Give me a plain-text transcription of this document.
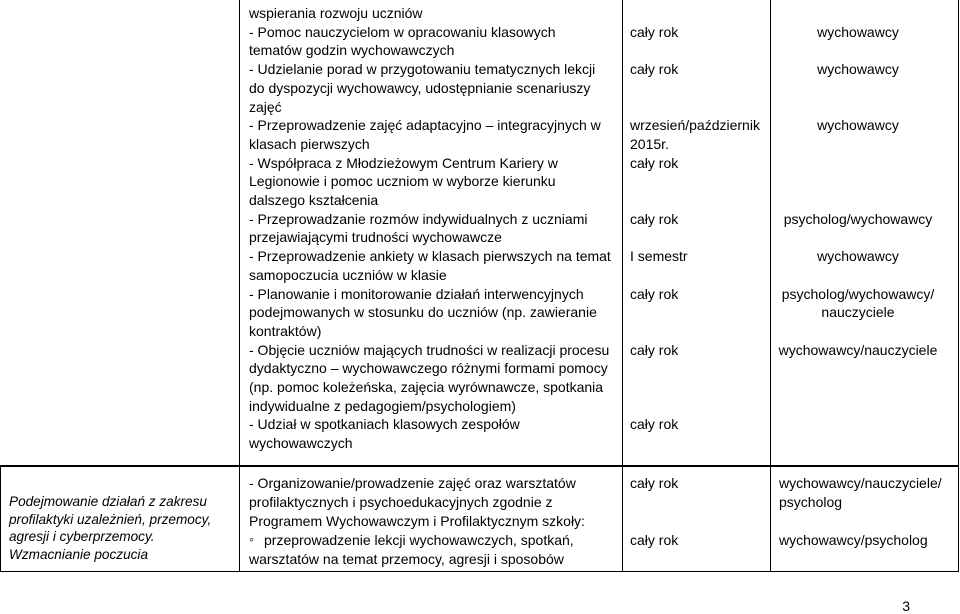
wspierania rozwoju uczniów
- Pomoc nauczycielom w opracowaniu klasowych
tematów godzin wychowawczych
- Udzielanie porad w przygotowaniu tematycznych lekcji
do dyspozycji wychowawcy, udostępnianie scenariuszy
zajęć
- Przeprowadzenie zajęć adaptacyjno – integracyjnych w
klasach pierwszych
- Współpraca z Młodzieżowym Centrum Kariery w
Legionowie i pomoc uczniom w wyborze kierunku
dalszego kształcenia
- Przeprowadzanie rozmów indywidualnych z uczniami
przejawiającymi trudności wychowawcze
- Przeprowadzenie ankiety w klasach pierwszych na temat
samopoczucia uczniów w klasie
- Planowanie i monitorowanie działań interwencyjnych
podejmowanych w stosunku do uczniów (np. zawieranie
kontraktów)
- Objęcie uczniów mających trudności w realizacji procesu
dydaktyczno – wychowawczego różnymi formami pomocy
(np. pomoc koleżeńska, zajęcia wyrównawcze, spotkania
indywidualne z pedagogiem/psychologiem)
- Udział w spotkaniach klasowych zespołów
wychowawczych
cały rok
cały rok
wrzesień/październik
2015r.
cały rok
cały rok
I semestr
cały rok
cały rok
cały rok
wychowawcy
wychowawcy
wychowawcy
psycholog/wychowawcy
wychowawcy
psycholog/wychowawcy/
nauczyciele
wychowawcy/nauczyciele
Podejmowanie działań z zakresu
profilaktyki uzależnień, przemocy,
agresji i cyberprzemocy.
Wzmacnianie poczucia
- Organizowanie/prowadzenie zajęć oraz warsztatów
profilaktycznych i psychoedukacyjnych zgodnie z
Programem Wychowawczym i Profilaktycznym szkoły:
◦ przeprowadzenie lekcji wychowawczych, spotkań,
warsztatów na temat przemocy, agresji i sposobów
cały rok
cały rok
wychowawcy/nauczyciele/
psycholog
wychowawcy/psycholog
3
